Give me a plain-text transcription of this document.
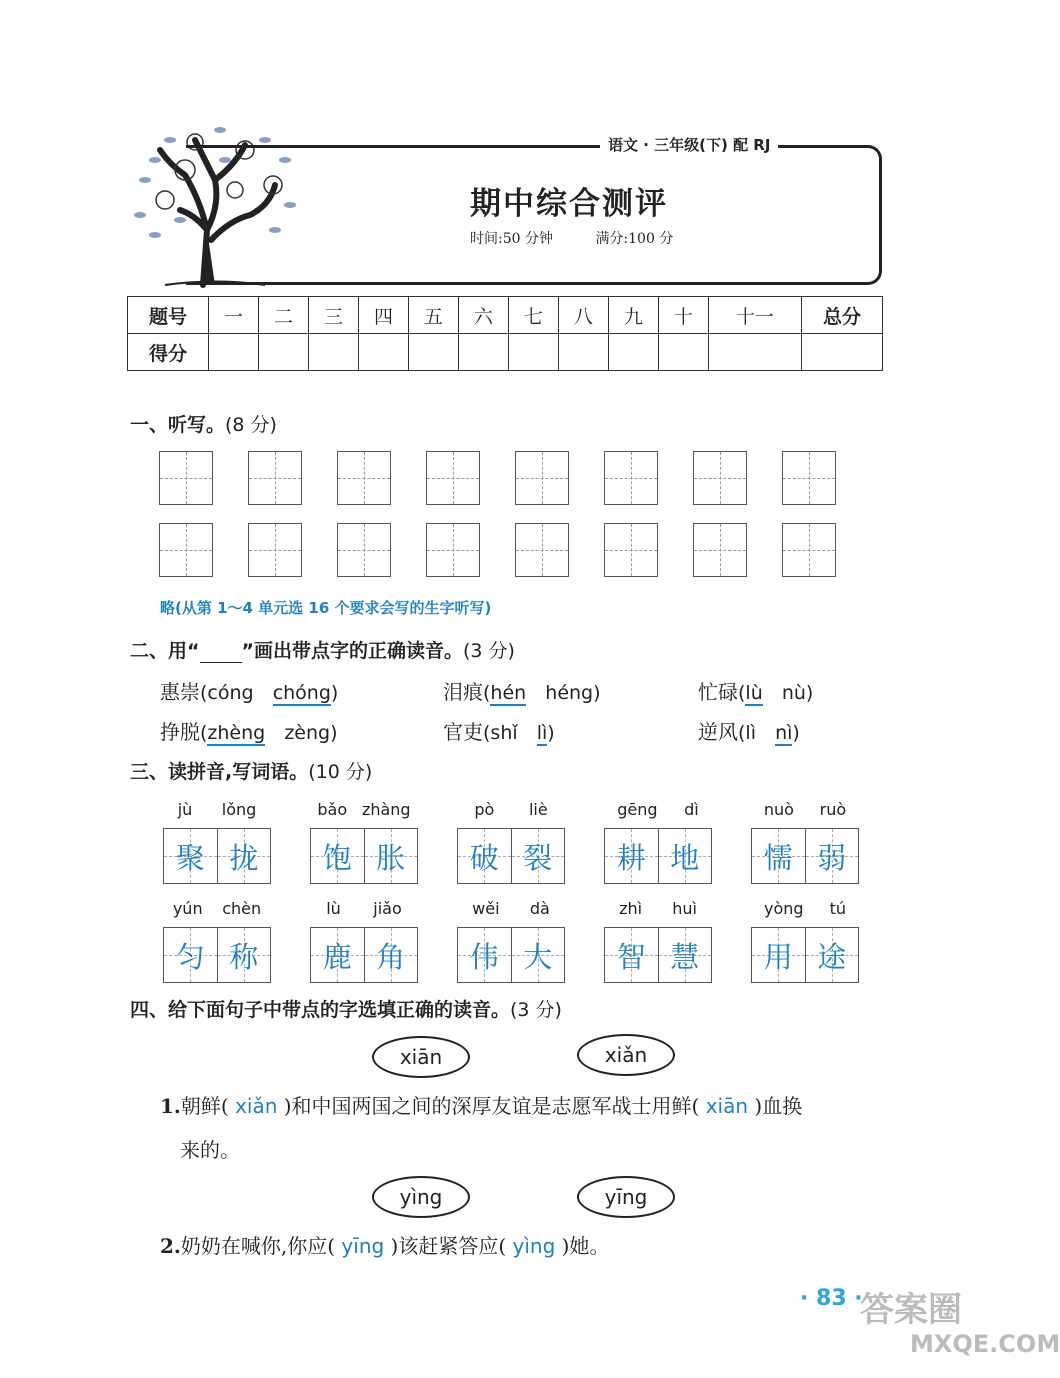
语文 · 三年级(下) 配 RJ
期中综合测评
时间:50 分钟	满分:100 分
题号	一	二	三	四	五	六	七	八	九	十	十一	总分
得分												
一、听写。(8 分)
略(从第 1～4 单元选 16 个要求会写的生字听写)
二、用“ ”画出带点字的正确读音。(3 分)
惠崇(cóng chóng)	泪痕(hén héng)	忙碌(lù nù)
挣脱(zhèng zèng)	官吏(shǐ lì)	逆风(lì nì)
三、读拼音,写词语。(10 分)
jù lǒng
聚 拢
bǎo zhàng
饱 胀
pò liè
破 裂
gēng dì
耕 地
nuò ruò
懦 弱
yún chèn
匀 称
lù jiǎo
鹿 角
wěi dà
伟 大
zhì huì
智 慧
yòng tú
用 途
四、给下面句子中带点的字选填正确的读音。(3 分)
xiān	xiǎn
1.朝鲜( xiǎn )和中国两国之间的深厚友谊是志愿军战士用鲜( xiān )血换
来的。
yìng	yīng
2.奶奶在喊你,你应( yīng )该赶紧答应( yìng )她。
· 83 ·
答案圈
MXQE.COM
